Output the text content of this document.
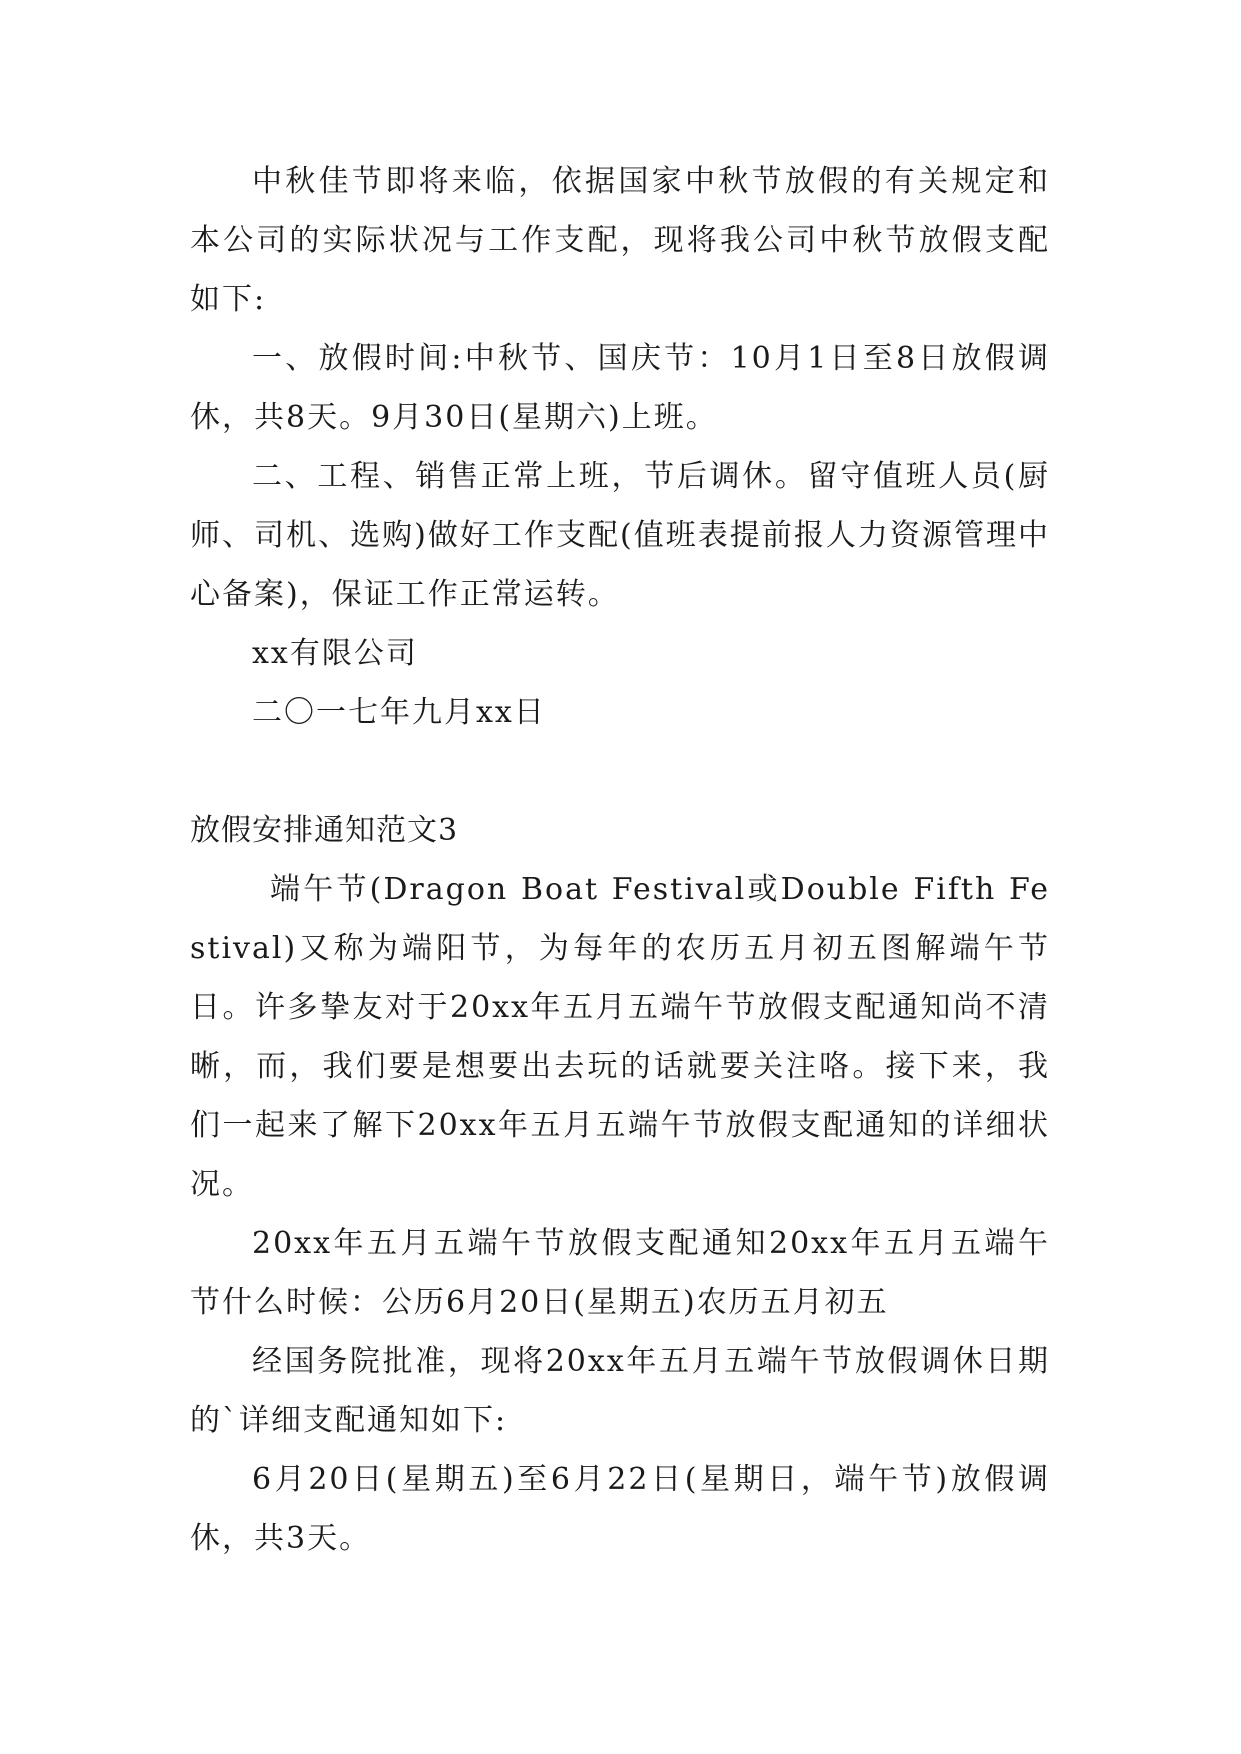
中秋佳节即将来临，依据国家中秋节放假的有关规定和本公司的实际状况与工作支配，现将我公司中秋节放假支配如下:

一、放假时间:中秋节、国庆节：10月1日至8日放假调休，共8天。9月30日(星期六)上班。

二、工程、销售正常上班，节后调休。留守值班人员(厨师、司机、选购)做好工作支配(值班表提前报人力资源管理中心备案)，保证工作正常运转。

xx有限公司

二〇一七年九月xx日

放假安排通知范文3

端午节(Dragon Boat Festival或Double Fifth Festival)又称为端阳节，为每年的农历五月初五图解端午节日。许多挚友对于20xx年五月五端午节放假支配通知尚不清晰，而，我们要是想要出去玩的话就要关注咯。接下来，我们一起来了解下20xx年五月五端午节放假支配通知的详细状况。

20xx年五月五端午节放假支配通知20xx年五月五端午节什么时候：公历6月20日(星期五)农历五月初五

经国务院批准，现将20xx年五月五端午节放假调休日期的`详细支配通知如下:

6月20日(星期五)至6月22日(星期日，端午节)放假调休，共3天。
